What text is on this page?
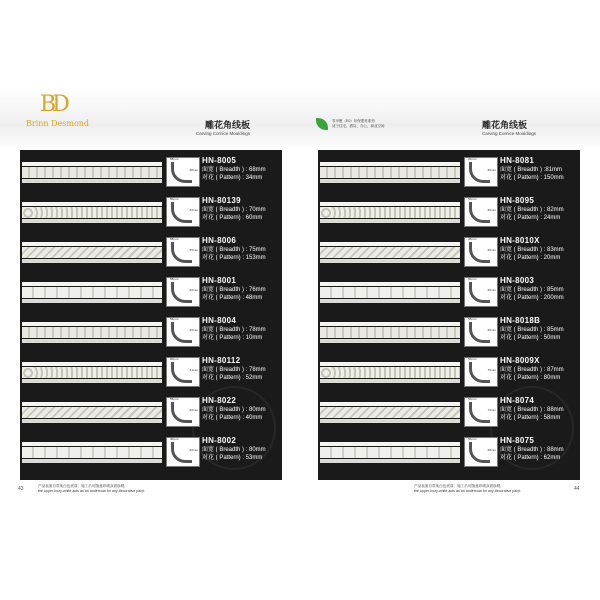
BD
Brinn Desmond	雕花角线板
Carving Cornice Mouldings
零甲醛（E0）环保建材系列
适于住宅、酒店、办公、商业空间	雕花角线板
Carving Cornice Mouldings
68mm
68mm
HN-8005
面宽 ( Breadth ) : 68mm
对花 ( Pattern) : 34mm
50mm
52mm
HN-80139
面宽 ( Breadth ) : 70mm
对花 ( Pattern) : 60mm
68mm
55mm
HN-8006
面宽 ( Breadth ) : 75mm
对花 ( Pattern) : 153mm
58mm
60mm
HN-8001
面宽 ( Breadth ) : 76mm
对花 ( Pattern) : 48mm
54mm
65mm
HN-8004
面宽 ( Breadth ) : 78mm
对花 ( Pattern) : 10mm
60mm
61mm
HN-80112
面宽 ( Breadth ) : 78mm
对花 ( Pattern) : 52mm
55mm
60mm
HN-8022
面宽 ( Breadth ) : 80mm
对花 ( Pattern) : 40mm
40mm
60mm
HN-8002
面宽 ( Breadth ) : 80mm
对花 ( Pattern) : 53mm
32mm
65mm
HN-8081
面宽 ( Breadth ) :81mm
对花 ( Pattern) : 150mm
50mm
65mm
HN-8095
面宽 ( Breadth ) : 82mm
对花 ( Pattern) : 24mm
48mm
66mm
HN-8010X
面宽 ( Breadth ) : 83mm
对花 ( Pattern) : 20mm
60mm
60mm
HN-8003
面宽 ( Breadth ) : 85mm
对花 ( Pattern) : 200mm
58mm
60mm
HN-8018B
面宽 ( Breadth ) : 85mm
对花 ( Pattern) : 50mm
50mm
70mm
HN-8009X
面宽 ( Breadth ) : 87mm
对花 ( Pattern) : 80mm
50mm
72mm
HN-8074
面宽 ( Breadth ) : 88mm
对花 ( Pattern) : 58mm
56mm
68mm
HN-8075
面宽 ( Breadth ) : 88mm
对花 ( Pattern) : 62mm
43	产品表面自带纯白色底漆，施工后可随意印刷双面涂刷。
the upper ivory-white acts as an undercoat for any decorative paint.
产品表面自带纯白色底漆，施工后可随意印刷双面涂刷。
the upper ivory-white acts as an undercoat for any decorative paint.	44
